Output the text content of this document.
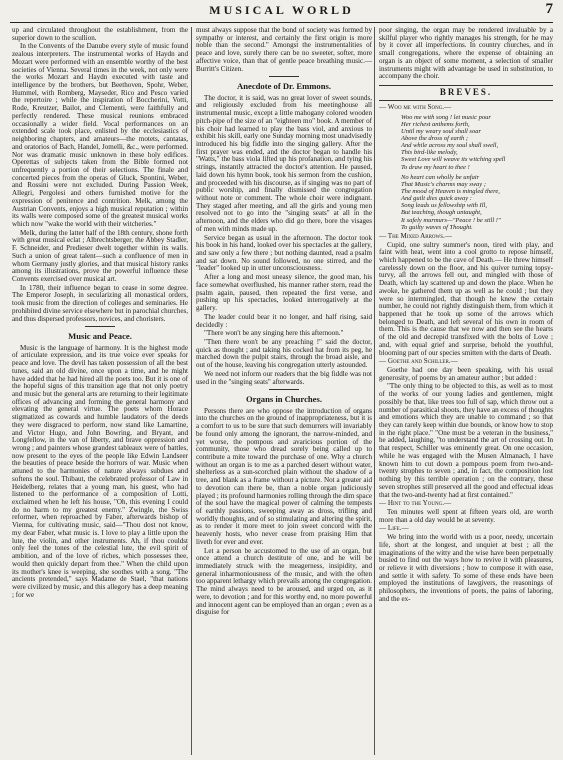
MUSICAL WORLD	7

up and circulated throughout the establishment, from the superior down to the scullion.

In the Convents of the Danube every style of music found zealous interpreters. The instrumental works of Haydn and Mozart were performed with an ensemble worthy of the best societies of Vienna. Several times in the week, not only were the works Mozart and Haydn executed with taste and intelligence by the brothers, but Beethoven, Spohr, Weber, Hummel, with Romberg, Mayseder, Rico and Pesco varied the repertoire ; while the inspiration of Boccherini, Votti, Rode, Kreutzer, Bailot, and Clementi, were faithfully and perfectly rendered. These musical reunions embraced occasionally a wider field. Vocal performances on an extended scale took place, enlisted by the ecclesiastics of neighboring chapters, and amateurs—the motets, cantatas, and oratorios of Bach, Handel, Jomelli, &c., were performed. Nor was dramatic music unknown in these holy edifices. Operettas of subjects taken from the Bible formed not unfrequently a portion of their selections. The finale and concerted pieces from the operas of Gluck, Spontini, Weber, and Rossini were not excluded. During Passion Week, Allegri, Pergolesi and others furnished motive for the expression of penitence and contrition. Melk, among the Austrian Convents, enjoys a high musical reputation ; within its walls were composed some of the greatest musical works which now "wake the world with their witcheries."

Melk, during the latter half of the 18th century, shone forth with great musical eclat ; Albrechtsberger, the Abbey Stadler, F. Schneider, and Predieser dwelt together within its walls. Such a union of great talent—such a confluence of men in whom Germany justly glories, and that musical history ranks among its illustrations, prove the powerful influence these Convents exercised over musical art.

In 1780, their influence began to cease in some degree. The Emperor Joseph, in secularizing all monastical orders, took music from the direction of colleges and seminaries. He prohibited divine service elsewhere but in parochial churches, and thus dispersed professors, novices, and choristers.

Music and Peace.

Music is the language of harmony. It is the highest mode of articulate expression, and its true voice ever speaks for peace and love. The devil has taken possession of all the best tunes, said an old divine, once upon a time, and he might have added that he had hired all the poets too. But it is one of the hopeful signs of this transition age that not only poetry and music but the general arts are returning to their legitimate offices of advancing and forming the general harmony and elevating the general virtue. The poets whom Horace stigmatized as cowards and humble laudators of the deeds they were disgraced to perform, now stand like Lamartine, and Victor Hugo, and John Bowring, and Bryant, and Longfellow, in the van of liberty, and brave oppression and wrong ; and painters whose grandest tableaux were of battles, now present to the eyes of the people like Edwin Landseer the beauties of peace beside the horrors of war. Music when attuned to the harmonies of nature always subdues and softens the soul. Thibaut, the celebrated professor of Law in Heidelberg, relates that a young man, his guest, who had listened to the performance of a composition of Lotti, exclaimed when he left his house, "Oh, this evening I could do no harm to my greatest enemy." Zwingle, the Swiss reformer, when reproached by Faber, afterwards bishop of Vienna, for cultivating music, said—"Thou dost not know, my dear Faber, what music is. I love to play a little upon the lute, the violin, and other instruments. Ah, if thou couldst only feel the tones of the celestial lute, the evil spirit of ambition, and of the love of riches, which possesses thee, would then quickly depart from thee." When the child upon its mother's knee is weeping, she soothes with a song. "The ancients pretended," says Madame de Stael, "that nations were civilized by music, and this allegory has a deep meaning ; for we

must always suppose that the bond of society was formed by sympathy or interest, and certainly the first origin is more noble than the second." Amongst the instrumentalities of peace and love, surely there can be no sweeter, softer, more affective voice, than that of gentle peace breathing music.—Burritt's Citizen.

Anecdote of Dr. Emmons.

The doctor, it is said, was no great lover of sweet sounds, and religiously excluded from his meetinghouse all instrumental music, except a little mahogany colored wooden pitch-pipe of the size of an "eighteen mo" book. A member of his choir had learned to play the bass viol, and anxious to exhibit his skill, early one Sunday morning most unadvisedly introduced his big fiddle into the singing gallery. After the first prayer was ended, and the doctor began to handle his "Watts," the bass viola lifted up his profanation, and tying his strings, instantly attracted the doctor's attention. He paused, laid down his hymn book, took his sermon from the cushion, and proceeded with his discourse, as if singing was no part of public worship, and finally dismissed the congregation without note or comment. The whole choir were indignant. They staged after meeting, and all the girls and young men resolved not to go into the "singing seats" at all in the afternoon, and the elders who did go there, bore the visages of men with minds made up.

Service began as usual in the afternoon. The doctor took his book in his hand, looked over his spectacles at the gallery, and saw only a few there ; but nothing daunted, read a psalm and sat down. No sound followed, no one stirred, and the "leader" looked up in utter unconsciousness.

After a long and most uneasy silence, the good man, his face somewhat overflushed, his manner rather stern, read the psalm again, paused, then repeated the first verse, and pushing up his spectacles, looked interrogatively at the gallery.

The leader could bear it no longer, and half rising, said decidedly :

"There won't be any singing here this afternoon."

"Then there won't be any preaching !" said the doctor, quick as thought ; and taking his cocked hat from its peg, he marched down the pulpit stairs, through the broad aisle, and out of the house, leaving his congregation utterly astounded.

We need not inform our readers that the big fiddle was not used in the "singing seats" afterwards.

Organs in Churches.

Persons there are who oppose the introduction of organs into the churches on the ground of inappropriateness, but it is a comfort to us to be sure that such demurrers will invariably be found only among the ignorant, the narrow-minded, and yet worse, the pompous and avaricious portion of the community, those who dread sorely being called up to contribute a mite toward the purchase of one. Why a church without an organ is to me as a parched desert without water, shelterless as a sun-scorched plain without the shadow of a tree, and blank as a frame without a picture. Not a greater aid to devotion can there be, than a noble organ judiciously played ; its profound harmonies rolling through the dim space of the soul have the magical power of calming the tempests of earthly passions, sweeping away as dross, trifling and worldly thoughts, and of so stimulating and altering the spirit, as to render it more meet to join sweet concord with the heavenly hosts, who never cease from praising Him that liveth for ever and ever.

Let a person be accustomed to the use of an organ, but once attend a church destitute of one, and he will be immediately struck with the meagerness, insipidity, and general inharmoniousness of the music, and with the often too apparent lethargy which prevails among the congregation. The mind always need to be aroused, and urged on, as it were, to devotion ; and for this worthy end, no more powerful and innocent agent can be employed than an organ ; even as a disguise for

poor singing, the organ may be rendered invaluable by a skilful player who rightly manages his strength, for he may by it cover all imperfections. In country churches, and in small congregations, where the expense of obtaining an organ is an object of some moment, a selection of smaller instruments might with advantage be used in substitution, to accompany the choir.

BREVES.

— Woo me with Song.—

Woo me with song ! let music pour
Her richest anthems forth,
Until my weary soul shall soar
Above the dross of earth ;
And while across my soul shall swell,
This bird-like melody,
Sweet Love will weave its witching spell
To draw my heart to thee !
No heart can wholly be unfair
That Music's charms may sway ;
The mood of Heaven is mingled there,
And guilt dies quick away :
Song leads us fellowship with Ill,
But teaching, though untaught,
It safely murmurs—"Peace ! be still !"
To guilty waves of Thought.

— The Mixed Arrows.—

Cupid, one sultry summer's noon, tired with play, and faint with heat, went into a cool grotto to repose himself, which happened to be the cave of Death.— He threw himself carelessly down on the floor, and his quiver turning topsy-turvy, all the arrows fell out, and mingled with those of Death, which lay scattered up and down the place. When he awoke, he gathered them up as well as he could ; but they were so intermingled, that though he knew the certain number, he could not rightly distinguish them, from which it happened that he took up some of the arrows which belonged to Death, and left several of his own in room of them. This is the cause that we now and then see the hearts of the old and decrepid transfixed with the bolts of Love ; and, with equal grief and surprise, behold the youthful, blooming part of our species smitten with the darts of Death.

— Goethe and Schiller.—

Goethe had one day been speaking, with his usual generosity, of poems by an amateur author ; but added :

"The only thing to be objected to this, as well as to most of the works of our young ladies and gentlemen, might possibly be that, like trees too full of sap, which throw out a number of parasitical shoots, they have an excess of thoughts and emotions which they are unable to command ; so that they can rarely keep within due bounds, or know how to stop in the right place." "One must be a veteran in the business," he added, laughing, "to understand the art of crossing out. In that respect, Schiller was eminently great. On one occasion, while he was engaged with the Musen Almanach, I have known him to cut down a pompous poem from two-and-twenty strophes to seven ; and, in fact, the composition lost nothing by this terrible operation ; on the contrary, these seven strophes still preserved all the good and effectual ideas that the two-and-twenty had at first contained."

— Hint to the Young.—

Ten minutes well spent at fifteen years old, are worth more than a old day would be at seventy.

— Life.—

We bring into the world with us a poor, needy, uncertain life, short at the longest, and unquiet at best ; all the imaginations of the witty and the wise have been perpetually busied to find out the ways how to revive it with pleasures, or relieve it with diversions ; how to compose it with ease, and settle it with safety. To some of these ends have been employed the institutions of lawgivers, the reasonings of philosophers, the inventions of poets, the pains of laboring, and the ex-
